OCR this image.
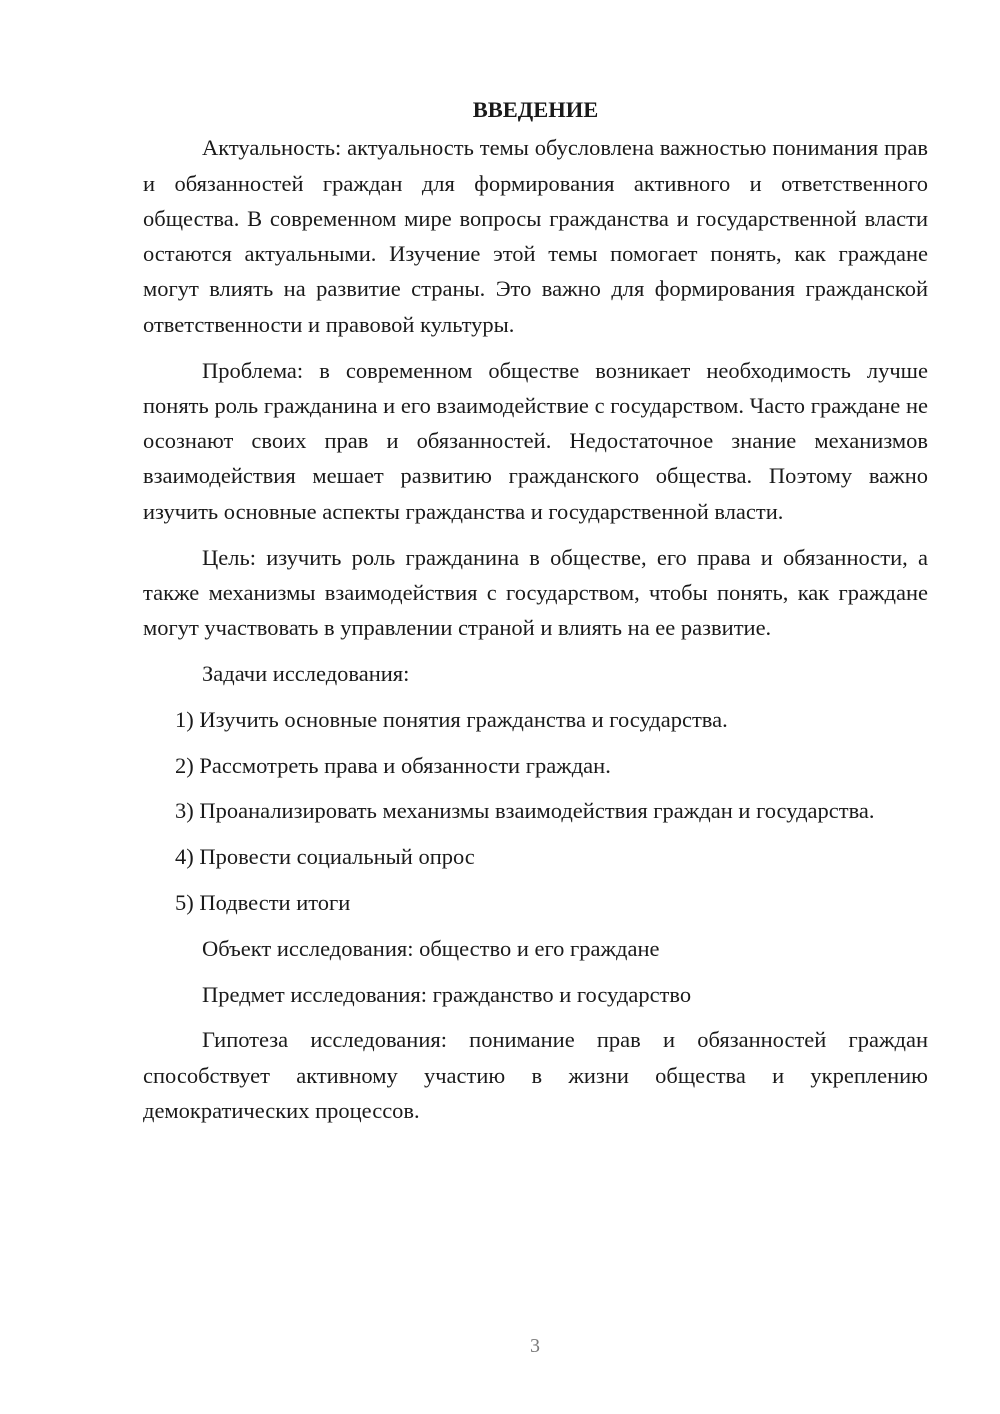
ВВЕДЕНИЕ

Актуальность: актуальность темы обусловлена важностью понимания прав и обязанностей граждан для формирования активного и ответственного общества. В современном мире вопросы гражданства и государственной власти остаются актуальными. Изучение этой темы помогает понять, как граждане могут влиять на развитие страны. Это важно для формирования гражданской ответственности и правовой культуры.

Проблема: в современном обществе возникает необходимость лучше понять роль гражданина и его взаимодействие с государством. Часто граждане не осознают своих прав и обязанностей. Недостаточное знание механизмов взаимодействия мешает развитию гражданского общества. Поэтому важно изучить основные аспекты гражданства и государственной власти.

Цель: изучить роль гражданина в обществе, его права и обязанности, а также механизмы взаимодействия с государством, чтобы понять, как граждане могут участвовать в управлении страной и влиять на ее развитие.

Задачи исследования:

1) Изучить основные понятия гражданства и государства.

2) Рассмотреть права и обязанности граждан.

3) Проанализировать механизмы взаимодействия граждан и государства.

4) Провести социальный опрос

5) Подвести итоги

Объект исследования: общество и его граждане

Предмет исследования: гражданство и государство

Гипотеза исследования: понимание прав и обязанностей граждан способствует активному участию в жизни общества и укреплению демократических процессов.

3
